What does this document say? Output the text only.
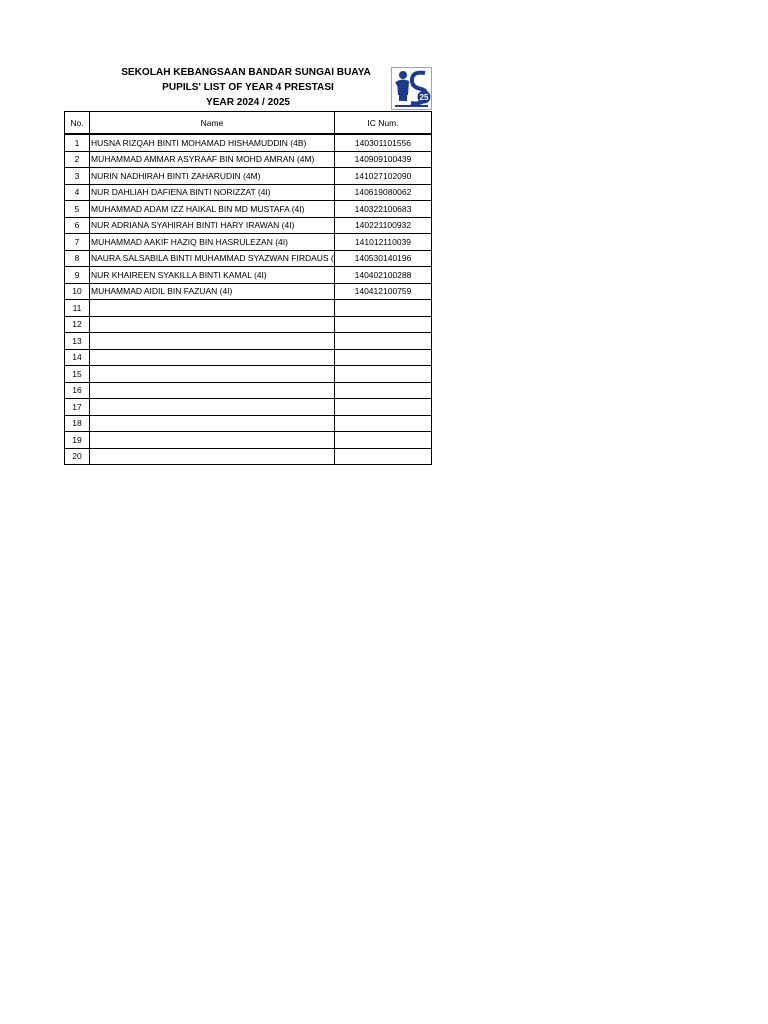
SEKOLAH KEBANGSAAN BANDAR SUNGAI BUAYA
PUPILS' LIST OF YEAR 4 PRESTASI
YEAR 2024 / 2025	25
No.	Name	IC Num.
1	HUSNA RIZQAH BINTI MOHAMAD HISHAMUDDIN (4B)	140301101556
2	MUHAMMAD AMMAR ASYRAAF BIN MOHD AMRAN (4M)	140909100439
3	NURIN NADHIRAH BINTI ZAHARUDIN (4M)	141027102090
4	NUR DAHLIAH DAFIENA BINTI NORIZZAT (4I)	140619080062
5	MUHAMMAD ADAM IZZ HAIKAL BIN MD MUSTAFA (4I)	140322100683
6	NUR ADRIANA SYAHIRAH BINTI HARY IRAWAN (4I)	140221100932
7	MUHAMMAD AAKIF HAZIQ BIN HASRULEZAN (4I)	141012110039
8	NAURA SALSABILA BINTI MUHAMMAD SYAZWAN FIRDAUS (	140530140196
9	NUR KHAIREEN SYAKILLA BINTI KAMAL (4I)	140402100288
10	MUHAMMAD AIDIL BIN FAZUAN (4I)	140412100759
11		
12		
13		
14		
15		
16		
17		
18		
19		
20		
